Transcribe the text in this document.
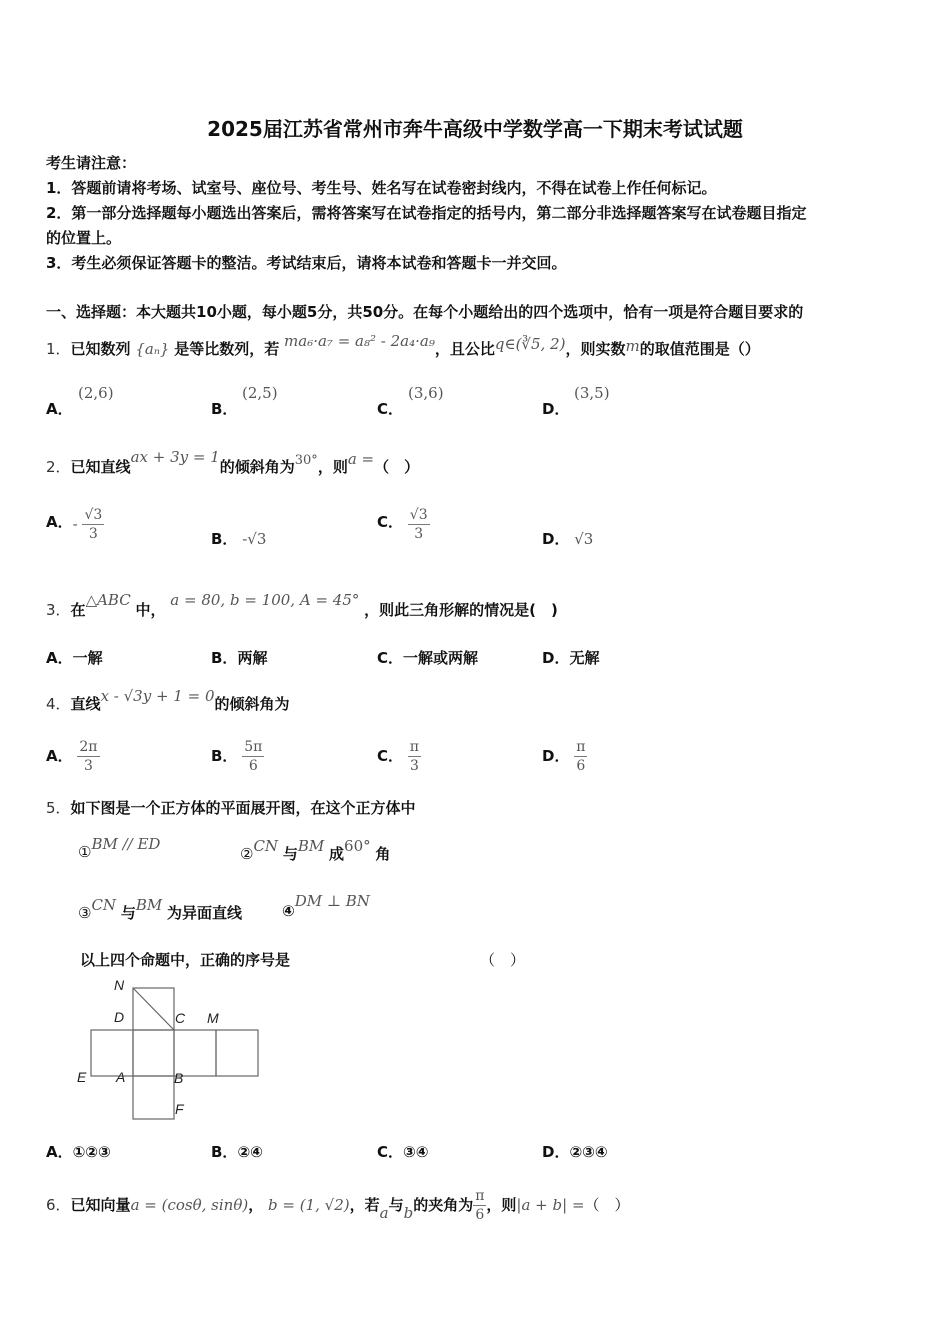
2025届江苏省常州市奔牛高级中学数学高一下期末考试试题
考生请注意：
1．答题前请将考场、试室号、座位号、考生号、姓名写在试卷密封线内，不得在试卷上作任何标记。
2．第一部分选择题每小题选出答案后，需将答案写在试卷指定的括号内，第二部分非选择题答案写在试卷题目指定
的位置上。
3．考生必须保证答题卡的整洁。考试结束后，请将本试卷和答题卡一并交回。
一、选择题：本大题共10小题，每小题5分，共50分。在每个小题给出的四个选项中，恰有一项是符合题目要求的
1．已知数列 {aₙ} 是等比数列，若 ma₆·a₇ = a₈² - 2a₄·a₉，且公比q∈(∛5, 2)，则实数m的取值范围是（）
A．
(2,6)
B．
(2,5)
C．
(3,6)
D．
(3,5)
2．已知直线ax + 3y = 1的倾斜角为30°，则a =（　）
A．- $\frac{√3}{3}$	B． -√3
C． $\frac{√3}{3}$	D． √3
3．在△ABC 中， a = 80, b = 100, A = 45° ，则此三角形解的情况是(　)
A．一解	B．两解	C．一解或两解	D．无解
4．直线x - √3y + 1 = 0的倾斜角为
A． $\frac{2\pi}{3}$	B． $\frac{5\pi}{6}$	C． $\frac{\pi}{3}$	D． $\frac{\pi}{6}$
5．如下图是一个正方体的平面展开图，在这个正方体中
①BM // ED
②CN 与BM 成60° 角
③CN 与BM 为异面直线	④DM ⊥ BN
以上四个命题中，正确的序号是	（　）
N
D	C M
E A	B
F
A．①②③	B．②④	C．③④	D．②③④
6．已知向量a = (cosθ, sinθ)， b = (1, √2)，若a与b的夹角为 $\frac{\pi}{6}$ ，则|a + b| =（　）
